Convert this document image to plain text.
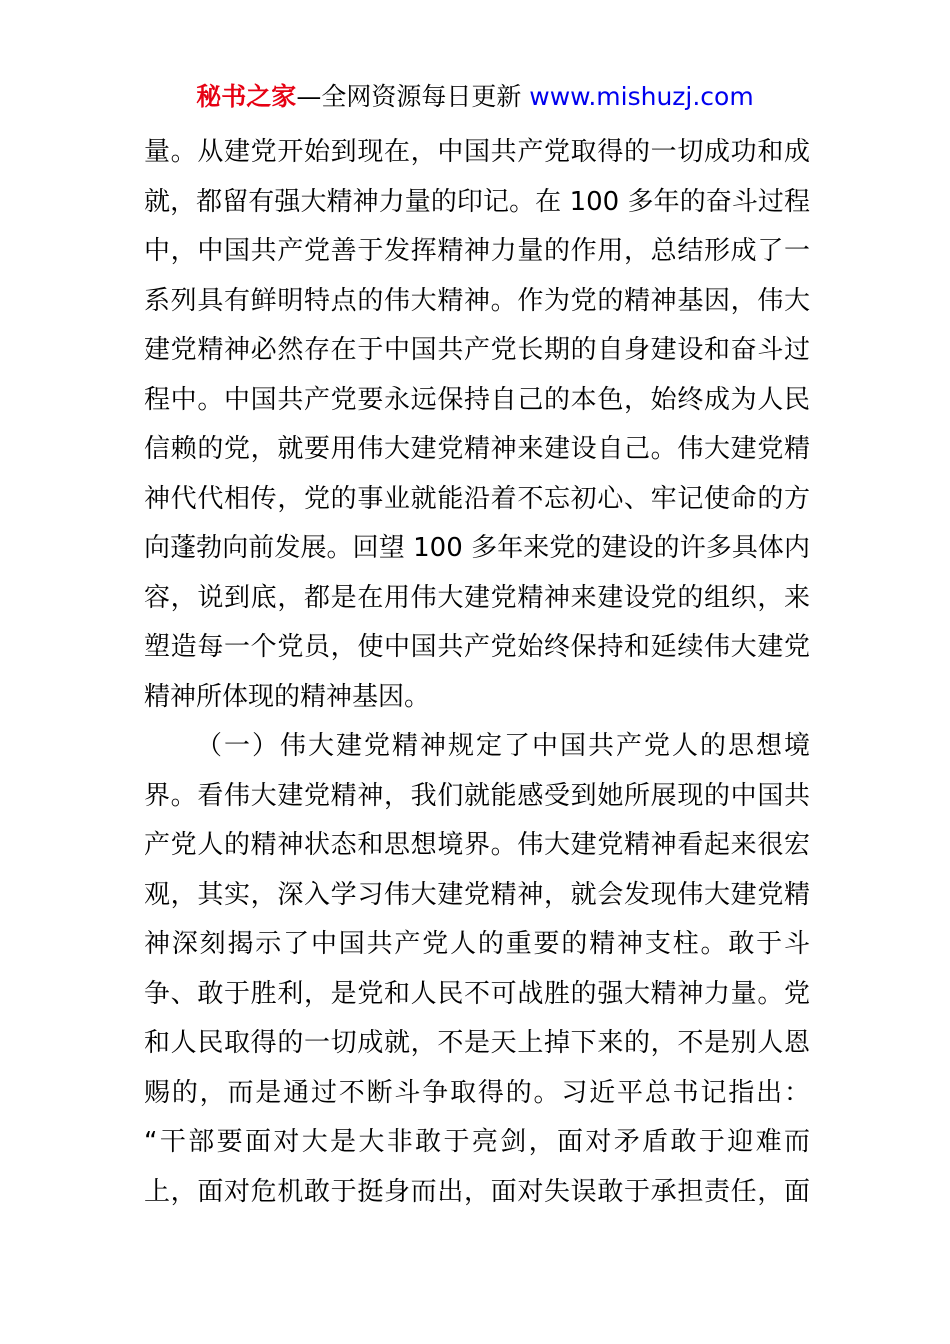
秘书之家—全网资源每日更新 www.mishuzj.com
量。从建党开始到现在，中国共产党取得的一切成功和成
就，都留有强大精神力量的印记。在 100 多年的奋斗过程
中，中国共产党善于发挥精神力量的作用，总结形成了一
系列具有鲜明特点的伟大精神。作为党的精神基因，伟大
建党精神必然存在于中国共产党长期的自身建设和奋斗过
程中。中国共产党要永远保持自己的本色，始终成为人民
信赖的党，就要用伟大建党精神来建设自己。伟大建党精
神代代相传，党的事业就能沿着不忘初心、牢记使命的方
向蓬勃向前发展。回望 100 多年来党的建设的许多具体内
容，说到底，都是在用伟大建党精神来建设党的组织，来
塑造每一个党员，使中国共产党始终保持和延续伟大建党
精神所体现的精神基因。
（一）伟大建党精神规定了中国共产党人的思想境
界。看伟大建党精神，我们就能感受到她所展现的中国共
产党人的精神状态和思想境界。伟大建党精神看起来很宏
观，其实，深入学习伟大建党精神，就会发现伟大建党精
神深刻揭示了中国共产党人的重要的精神支柱。敢于斗
争、敢于胜利，是党和人民不可战胜的强大精神力量。党
和人民取得的一切成就，不是天上掉下来的，不是别人恩
赐的，而是通过不断斗争取得的。习近平总书记指出：
“干部要面对大是大非敢于亮剑，面对矛盾敢于迎难而
上，面对危机敢于挺身而出，面对失误敢于承担责任，面
